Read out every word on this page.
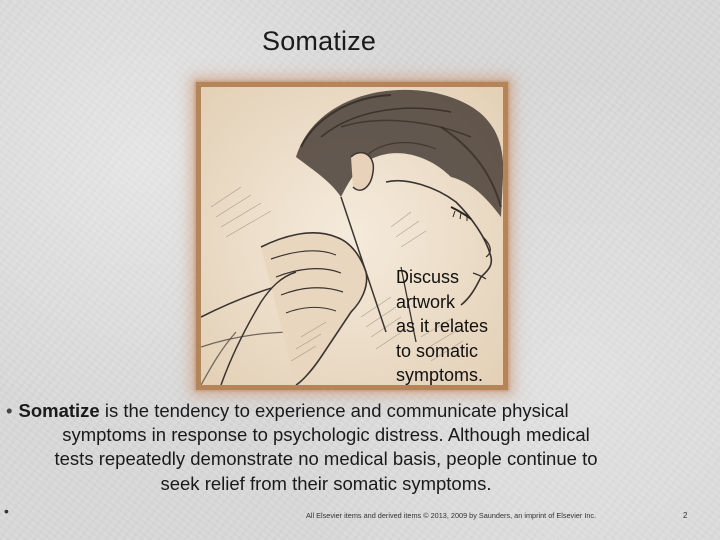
Somatize
Discuss
artwork
as it relates
to somatic
symptoms.
• Somatize is the tendency to experience and communicate physical
symptoms in response to psychologic distress. Although medical
tests repeatedly demonstrate no medical basis, people continue to
seek relief from their somatic symptoms.
•	All Elsevier items and derived items © 2013, 2009 by Saunders, an imprint of Elsevier Inc.	2
